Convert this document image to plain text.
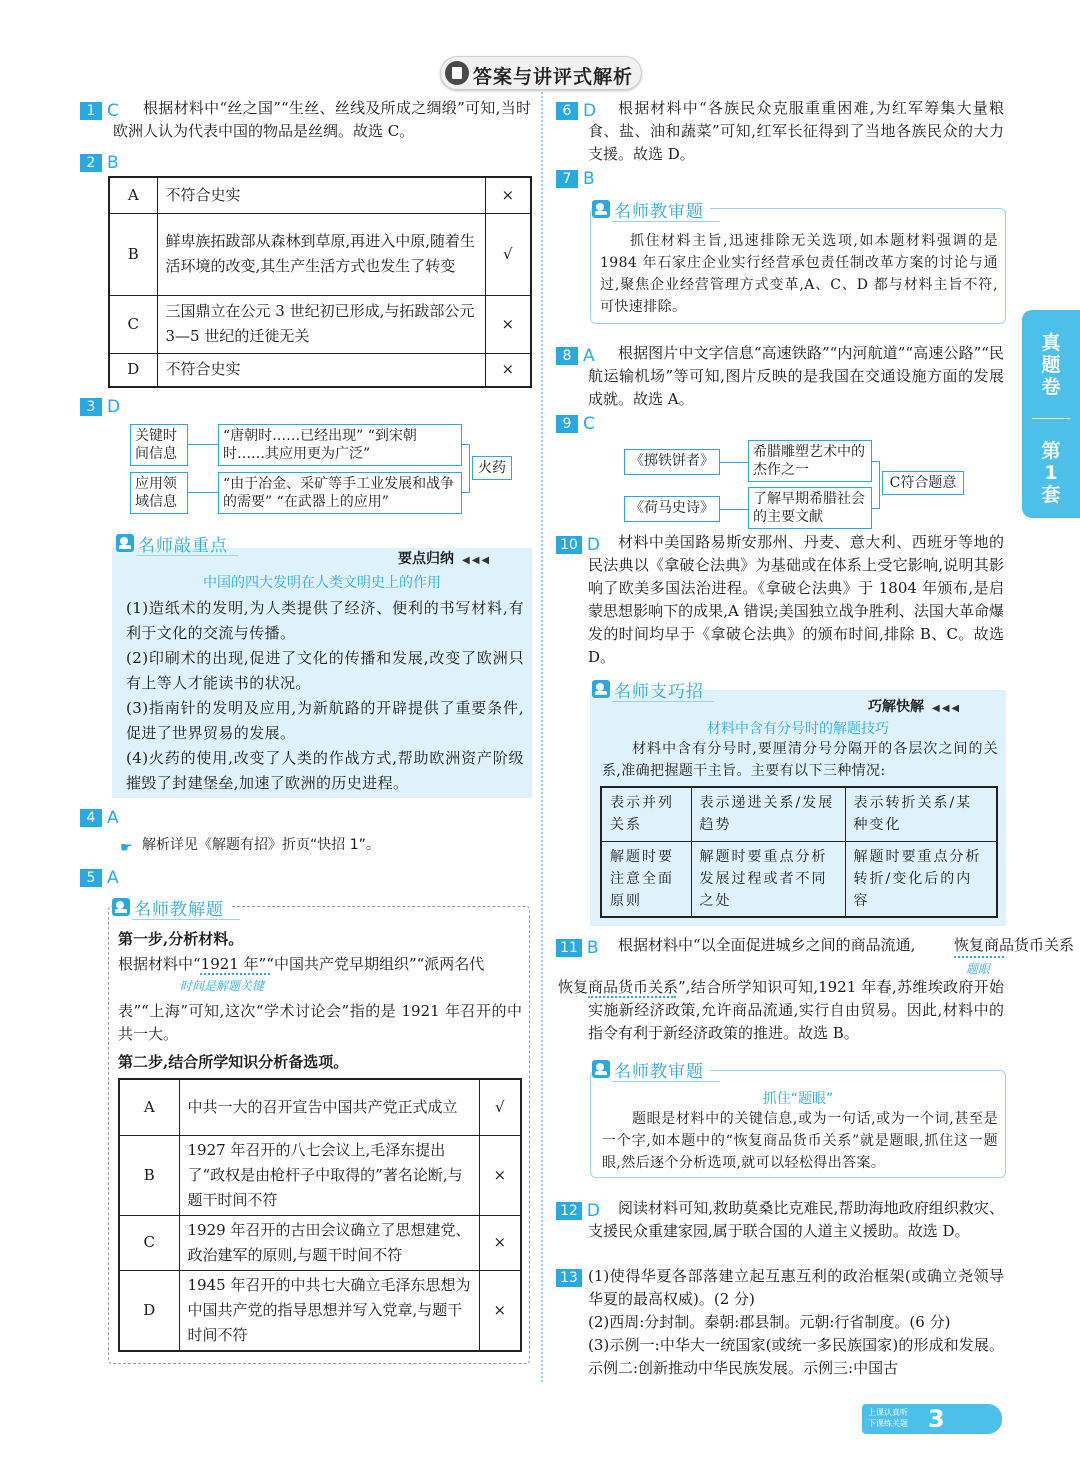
答案与讲评式解析
1 C	根据材料中“丝之国”“生丝、丝线及所成之绸缎”可知,当时欧洲人认为代表中国的物品是丝绸。故选 C。
2 B
A	不符合史实	×
B	鲜卑族拓跋部从森林到草原,再进入中原,随着生活环境的改变,其生产生活方式也发生了转变	√
C	三国鼎立在公元 3 世纪初已形成,与拓跋部公元 3—5 世纪的迁徙无关	×
D	不符合史实	×
3 D
关键时间信息
“唐朝时……已经出现” “到宋朝时……其应用更为广泛”
应用领域信息
“由于冶金、采矿等手工业发展和战争的需要” “在武器上的应用”
火药
名师敲重点
要点归纳 ◀◀◀
中国的四大发明在人类文明史上的作用
(1)造纸术的发明,为人类提供了经济、便利的书写材料,有利于文化的交流与传播。
(2)印刷术的出现,促进了文化的传播和发展,改变了欧洲只有上等人才能读书的状况。
(3)指南针的发明及应用,为新航路的开辟提供了重要条件,促进了世界贸易的发展。
(4)火药的使用,改变了人类的作战方式,帮助欧洲资产阶级摧毁了封建堡垒,加速了欧洲的历史进程。
4 A
☛ 解析详见《解题有招》折页“快招 1”。
5 A
名师教解题
第一步,分析材料。
根据材料中“1921 年”“中国共产党早期组织”“派两名代
时间是解题关键
表”“上海”可知,这次“学术讨论会”指的是 1921 年召开的中共一大。
第二步,结合所学知识分析备选项。
A	中共一大的召开宣告中国共产党正式成立	√
B	1927 年召开的八七会议上,毛泽东提出了“政权是由枪杆子中取得的”著名论断,与题干时间不符	×
C	1929 年召开的古田会议确立了思想建党、政治建军的原则,与题干时间不符	×
D	1945 年召开的中共七大确立毛泽东思想为中国共产党的指导思想并写入党章,与题干时间不符	×
6 D	根据材料中“各族民众克服重重困难,为红军筹集大量粮食、盐、油和蔬菜”可知,红军长征得到了当地各族民众的大力支援。故选 D。
7 B
名师教审题
抓住材料主旨,迅速排除无关选项,如本题材料强调的是 1984 年石家庄企业实行经营承包责任制改革方案的讨论与通过,聚焦企业经营管理方式变革,A、C、D 都与材料主旨不符,可快速排除。
8 A	根据图片中文字信息“高速铁路”“内河航道”“高速公路”“民航运输机场”等可知,图片反映的是我国在交通设施方面的发展成就。故选 A。
9 C
《掷铁饼者》
希腊雕塑艺术中的杰作之一
《荷马史诗》
了解早期希腊社会的主要文献
C符合题意
10 D	材料中美国路易斯安那州、丹麦、意大利、西班牙等地的民法典以《拿破仑法典》为基础或在体系上受它影响,说明其影响了欧美多国法治进程。《拿破仑法典》于 1804 年颁布,是启蒙思想影响下的成果,A 错误;美国独立战争胜利、法国大革命爆发的时间均早于《拿破仑法典》的颁布时间,排除 B、C。故选 D。
名师支巧招
巧解快解 ◀◀◀
材料中含有分号时的解题技巧
材料中含有分号时,要厘清分号分隔开的各层次之间的关系,准确把握题干主旨。主要有以下三种情况:
表示并列关系	表示递进关系/发展趋势	表示转折关系/某种变化
解题时要注意全面原则	解题时要重点分析发展过程或者不同之处	解题时要重点分析转折/变化后的内容
11 B 根据材料中“以全面促进城乡之间的商品流通,
题眼
恢复商品货币关系
恢复商品货币关系”,结合所学知识可知,1921 年春,苏维埃政府开始实施新经济政策,允许商品流通,实行自由贸易。因此,材料中的指令有利于新经济政策的推进。故选 B。
名师教审题
抓住“题眼”
题眼是材料中的关键信息,或为一句话,或为一个词,甚至是一个字,如本题中的“恢复商品货币关系”就是题眼,抓住这一题眼,然后逐个分析选项,就可以轻松得出答案。
12 D	阅读材料可知,救助莫桑比克难民,帮助海地政府组织救灾、支援民众重建家园,属于联合国的人道主义援助。故选 D。
13 (1)使得华夏各部落建立起互惠互利的政治框架(或确立尧领导华夏的最高权威)。(2 分)
(2)西周:分封制。秦朝:郡县制。元朝:行省制度。(6 分)
(3)示例一:中华大一统国家(或统一多民族国家)的形成和发展。示例二:创新推动中华民族发展。示例三:中国古
真题卷
第1套
上课认真听
下课练关题 3
